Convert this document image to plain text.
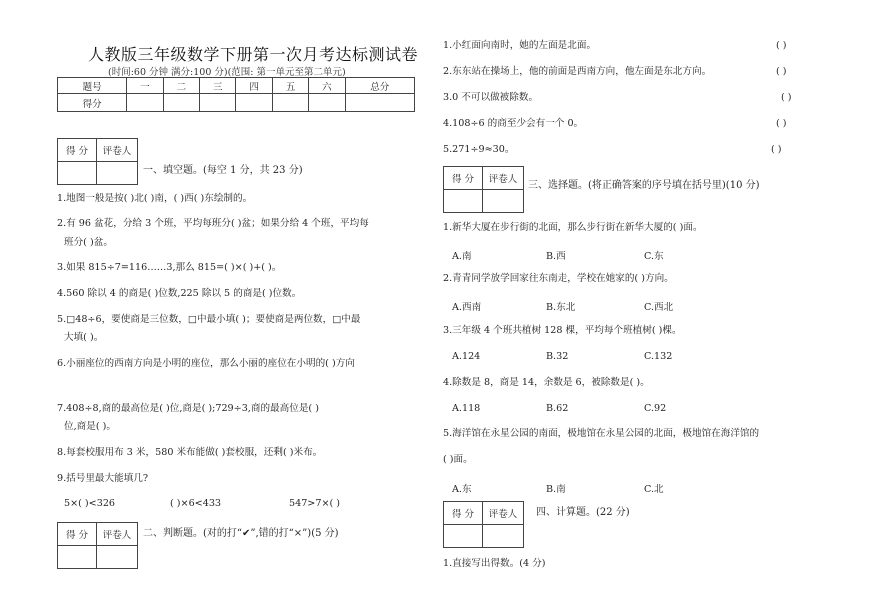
人教版三年级数学下册第一次月考达标测试卷
(时间:60 分钟 满分:100 分)(范围: 第一单元至第二单元)
题号	一	二	三	四	五	六	总分
得分							
得 分	评卷人

一、填空题。(每空 1 分，共 23 分)
1.地图一般是按( )北( )南，( )西( )东绘制的。
2.有 96 盆花，分给 3 个班，平均每班分( )盆；如果分给 4 个班，平均每
班分( )盆。
3.如果 815÷7=116……3,那么 815=( )×( )+( )。
4.560 除以 4 的商是( )位数,225 除以 5 的商是( )位数。
5.□48÷6，要使商是三位数，□中最小填( )；要使商是两位数，□中最
大填( )。
6.小丽座位的西南方向是小明的座位，那么小丽的座位在小明的( )方向
7.408÷8,商的最高位是( )位,商是( );729÷3,商的最高位是( )
位,商是( )。
8.每套校服用布 3 米，580 米布能做( )套校服，还剩( )米布。
9.括号里最大能填几?
5×( )<326	( )×6<433	547>7×( )
得 分	评卷人
	二、判断题。(对的打“✔”,错的打“×”)(5 分)
1.小红面向南时，她的左面是北面。	( )
2.东东站在操场上，他的前面是西南方向，他左面是东北方向。	( )
3.0 不可以做被除数。	( )
4.108÷6 的商至少会有一个 0。	( )
5.271÷9≈30。	( )
得 分	评卷人

三、选择题。(将正确答案的序号填在括号里)(10 分)
1.新华大厦在步行街的北面，那么步行街在新华大厦的( )面。
A.南	B.西	C.东
2.青青同学放学回家往东南走，学校在她家的( )方向。
A.西南	B.东北	C.西北
3.三年级 4 个班共植树 128 棵，平均每个班植树( )棵。
A.124	B.32	C.132
4.除数是 8，商是 14，余数是 6，被除数是( )。
A.118	B.62	C.92
5.海洋馆在永星公园的南面，极地馆在永星公园的北面，极地馆在海洋馆的
( )面。
A.东	B.南	C.北
得 分	评卷人
	四、计算题。(22 分)
1.直接写出得数。(4 分)
